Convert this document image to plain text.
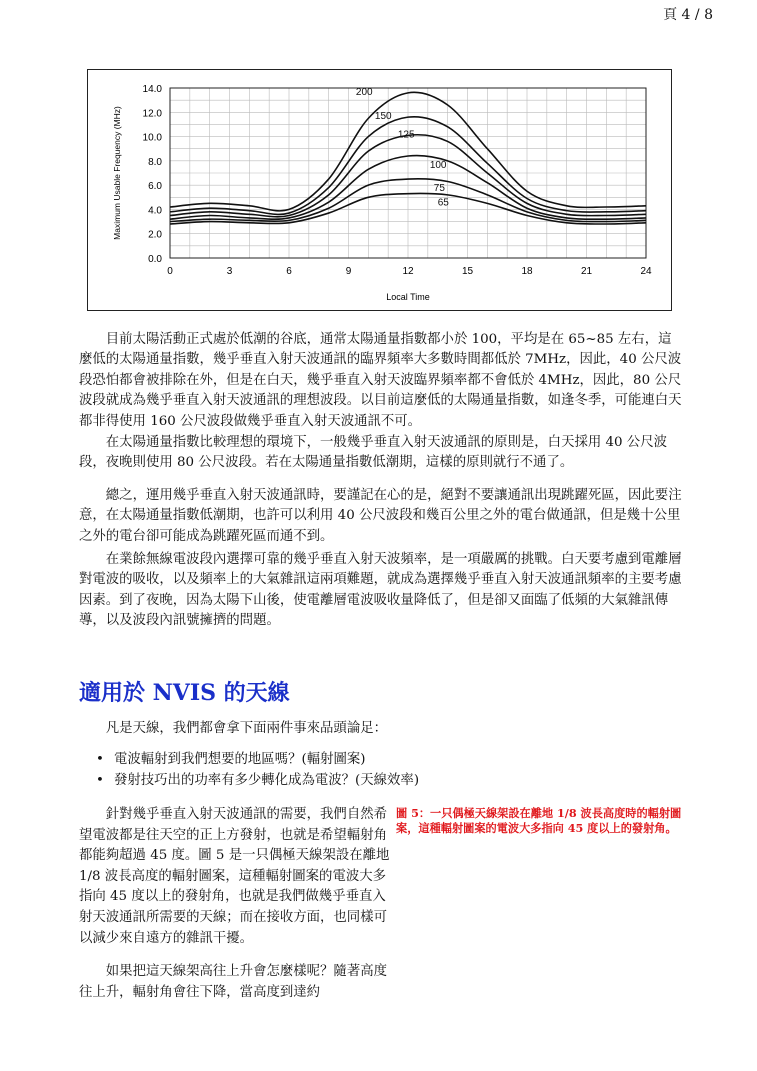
頁 4 / 8
0.0
2.0
4.0
6.0
8.0
10.0
12.0
14.0
0	3	6	9	12	15	18	21	24
Local Time
Maximum Usable Frequency (MHz)
200
150
125
100
75
65

目前太陽活動正式處於低潮的谷底，通常太陽通量指數都小於 100，平均是在 65~85 左右，這麼低的太陽通量指數，幾乎垂直入射天波通訊的臨界頻率大多數時間都低於 7MHz，因此，40 公尺波段恐怕都會被排除在外，但是在白天，幾乎垂直入射天波臨界頻率都不會低於 4MHz，因此，80 公尺波段就成為幾乎垂直入射天波通訊的理想波段。以目前這麼低的太陽通量指數，如逢冬季，可能連白天都非得使用 160 公尺波段做幾乎垂直入射天波通訊不可。

在太陽通量指數比較理想的環境下，一般幾乎垂直入射天波通訊的原則是，白天採用 40 公尺波段，夜晚則使用 80 公尺波段。若在太陽通量指數低潮期，這樣的原則就行不通了。

總之，運用幾乎垂直入射天波通訊時，要謹記在心的是，絕對不要讓通訊出現跳躍死區，因此要注意，在太陽通量指數低潮期，也許可以利用 40 公尺波段和幾百公里之外的電台做通訊，但是幾十公里之外的電台卻可能成為跳躍死區而通不到。

在業餘無線電波段內選擇可靠的幾乎垂直入射天波頻率，是一項嚴厲的挑戰。白天要考慮到電離層對電波的吸收，以及頻率上的大氣雜訊這兩項難題，就成為選擇幾乎垂直入射天波通訊頻率的主要考慮因素。到了夜晚，因為太陽下山後，使電離層電波吸收量降低了，但是卻又面臨了低頻的大氣雜訊傳導，以及波段內訊號擁擠的問題。

適用於 NVIS 的天線

凡是天線，我們都會拿下面兩件事來品頭論足：

• 電波輻射到我們想要的地區嗎？(輻射圖案)
• 發射技巧出的功率有多少轉化成為電波？(天線效率)

圖 5：一只偶極天線架設在離地 1/8 波長高度時的輻射圖案，這種輻射圖案的電波大多指向 45 度以上的發射角。

針對幾乎垂直入射天波通訊的需要，我們自然希望電波都是往天空的正上方發射，也就是希望輻射角都能夠超過 45 度。圖 5 是一只偶極天線架設在離地 1/8 波長高度的輻射圖案，這種輻射圖案的電波大多指向 45 度以上的發射角，也就是我們做幾乎垂直入射天波通訊所需要的天線；而在接收方面，也同樣可以減少來自遠方的雜訊干擾。

如果把這天線架高往上升會怎麼樣呢？隨著高度往上升，輻射角會往下降，當高度到達約
